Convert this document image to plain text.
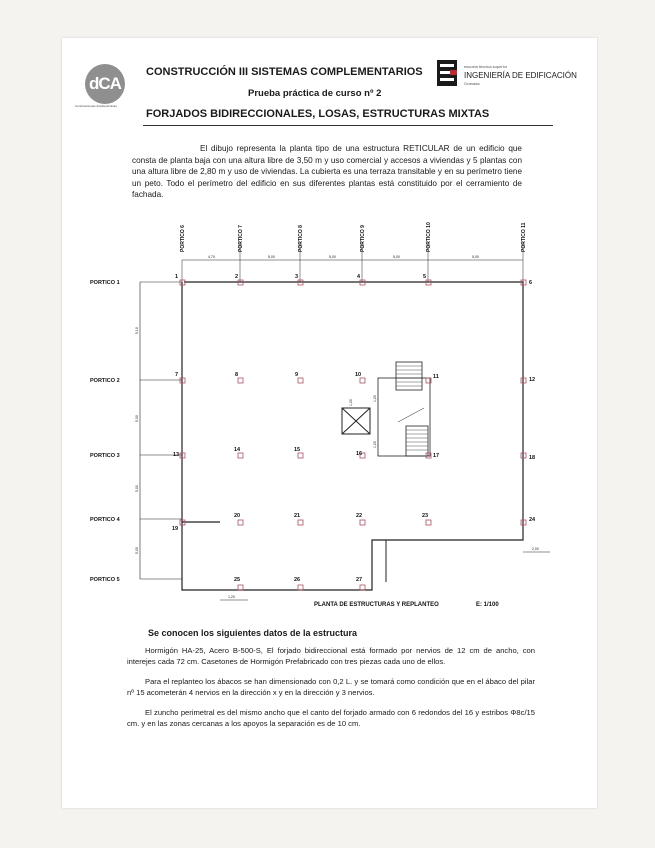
dCA
Construcciones Arquitectónicas
CONSTRUCCIÓN III SISTEMAS COMPLEMENTARIOS
Prueba práctica de curso nº 2
FORJADOS BIDIRECCIONALES, LOSAS, ESTRUCTURAS MIXTAS
escuela técnica superior
INGENIERÍA DE EDIFICACIÓN
Granada
El dibujo representa la planta tipo de una estructura RETICULAR de un edificio que consta de planta baja con una altura libre de 3,50 m y uso comercial y accesos a viviendas y 5 plantas con una altura libre de 2,80 m y uso de viviendas. La cubierta es una terraza transitable y en su perímetro tiene un peto. Todo el perímetro del edificio en sus diferentes plantas está constituido por el cerramiento de fachada.
PORTICO 6	PORTICO 7	PORTICO 8	PORTICO 9	PORTICO 10	PORTICO 11
PORTICO 1
PORTICO 2
PORTICO 3
PORTICO 4
PORTICO 5
4,70	5,00	5,00	5,00	5,00
5,10
5,00
5,00
5,00
1,20
2,00
1,20
1,20
1,20
1	2	3	4	5
6
7	8	9	10	11	12
13
14	15
16	17	18
19
20	21	22	23
24
25	26	27
PLANTA DE ESTRUCTURAS Y REPLANTEO	E: 1/100
Se conocen los siguientes datos de la estructura
Hormigón HA-25, Acero B-500-S, El forjado bidireccional está formado por nervios de 12 cm de ancho, con interejes cada 72 cm. Casetones de Hormigón Prefabricado con tres piezas cada uno de ellos.
Para el replanteo los ábacos se han dimensionado con 0,2 L. y se tomará como condición que en el ábaco del pilar nº 15 acometerán 4 nervios en la dirección x y en la dirección y 3 nervios.
El zuncho perimetral es del mismo ancho que el canto del forjado armado con 6 redondos del 16 y estribos Φ8c/15 cm. y en las zonas cercanas a los apoyos la separación es de 10 cm.
